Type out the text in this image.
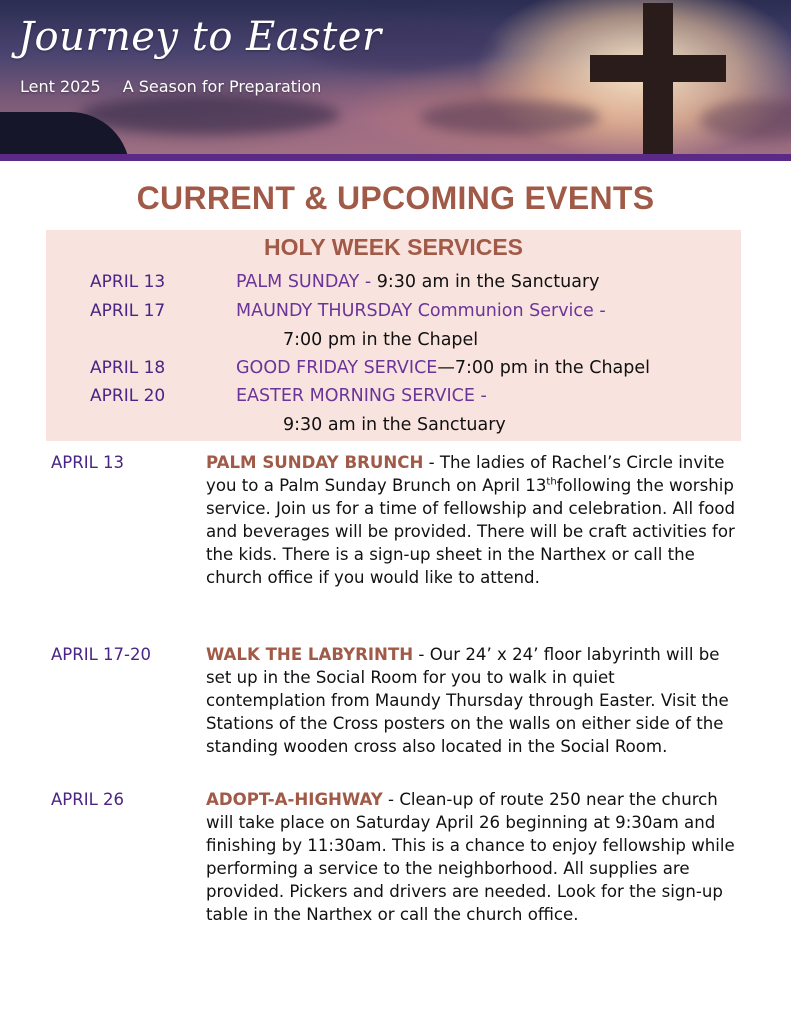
Journey to Easter
Lent 2025 A Season for Preparation
CURRENT & UPCOMING EVENTS
HOLY WEEK SERVICES
APRIL 13	PALM SUNDAY - 9:30 am in the Sanctuary
APRIL 17	MAUNDY THURSDAY Communion Service -
7:00 pm in the Chapel
APRIL 18	GOOD FRIDAY SERVICE—7:00 pm in the Chapel
APRIL 20	EASTER MORNING SERVICE -
9:30 am in the Sanctuary
APRIL 13	PALM SUNDAY BRUNCH - The ladies of Rachel’s Circle invite you to a Palm Sunday Brunch on April 13thfollowing the worship service. Join us for a time of fellowship and celebration. All food and beverages will be provided. There will be craft activities for the kids. There is a sign-up sheet in the Narthex or call the church office if you would like to attend.
APRIL 17-20	WALK THE LABYRINTH - Our 24’ x 24’ floor labyrinth will be set up in the Social Room for you to walk in quiet contemplation from Maundy Thursday through Easter. Visit the Stations of the Cross posters on the walls on either side of the standing wooden cross also located in the Social Room.
APRIL 26	ADOPT-A-HIGHWAY - Clean-up of route 250 near the church will take place on Saturday April 26 beginning at 9:30am and finishing by 11:30am. This is a chance to enjoy fellowship while performing a service to the neighborhood. All supplies are provided. Pickers and drivers are needed. Look for the sign-up table in the Narthex or call the church office.
